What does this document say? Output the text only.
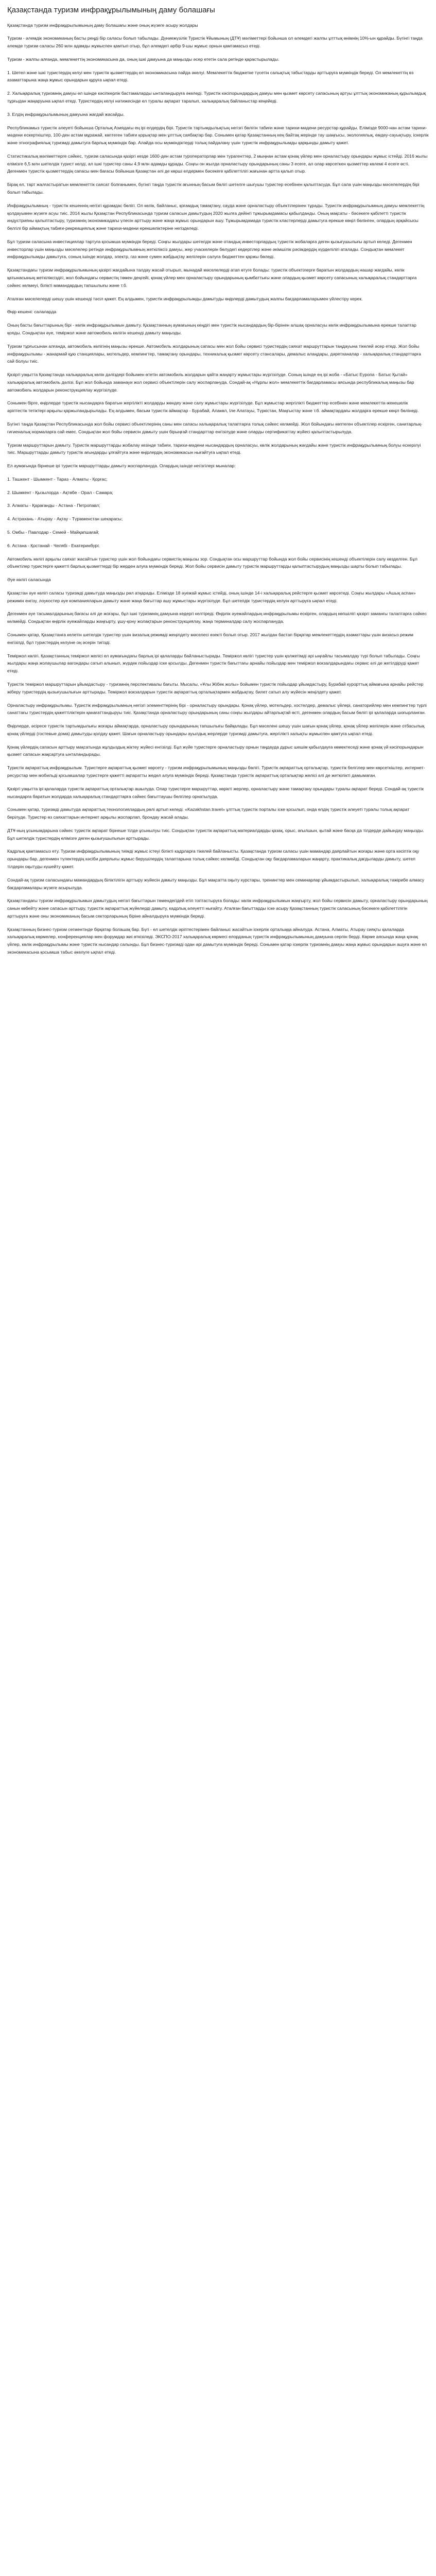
Қазақстанда туризм инфрақұрылымының даму болашағы
Қазақстанда туризм инфрақұрылымының даму болашағы және оның жүзеге асыру жолдары
Туризм - әлемдік экономиканың басты реңді бір саласы болып табылады. Дүниежүзілік Туристік Ұйымының (ДТҰ) мәліметтері бойынша ол әлемдегі жалпы ұлттық өнімнің 10%-ын құрайды. Бүгінгі таңда әлемде туризм саласы 260 млн адамды жұмыспен қамтып отыр, бұл әлемдегі әрбір 9-шы жұмыс орнын қамтамасыз етеді.
Туризм - жалпы алғанда, мемлекеттің экономикасына да, оның ішкі дамуына да маңызды әсер ететін сала ретінде қарастырылады.
1. Шетел және ішкі туристердің келуі мен туристік қызметтердің ел экономикасына пайда әкелуі. Мемлекеттік бюджетке түсетін салықтық табыстарды арттыруға мүмкіндік береді. Ол мемлекеттің өз азаматтарына жаңа жұмыс орындарын құруға ықпал етеді.
2. Халықаралық туризмнің дамуы ел ішінде кәсіпкерлік бастамаларды ынталандыруға әкеледі. Туристік кәсіпорындардың дамуы мен қызмет көрсету сапасының артуы ұлттық экономиканың құрылымдық тұрғыдан жаңаруына ықпал етеді. Туристердің келуі нәтижесінде ел туралы ақпарат таралып, халықаралық байланыстар кеңейеді.
3. Елдің инфрақұрылымының дамуына жағдай жасайды.
Республикамыз туристік әлеуеті бойынша Орталық Азиядағы ең ірі елдердің бірі. Туристік тартымдылықтың негізгі бөлігін табиғи және тарихи-мәдени ресурстар құрайды. Елімізде 9000-нан астам тарихи-мәдени ескерткіштер, 100-ден астам мұражай, көптеген табиғи қорықтар мен ұлттық саябақтар бар. Сонымен қатар Қазақстанның кең байтақ жерінде тау шаңғысы, экологиялық, емдеу-сауықтыру, іскерлік және этнографиялық туризмді дамытуға барлық мүмкіндік бар. Алайда осы мүмкіндіктерді толық пайдалану үшін туристік инфрақұрылымды қарқынды дамыту қажет.
Статистикалық мәліметтерге сәйкес, туризм саласында қазіргі кезде 1600-ден астам туроператорлар мен турагенттер, 2 мыңнан астам қонақ үйлер мен орналастыру орындары жұмыс істейді. 2016 жылы елімізге 6,5 млн шетелдік турист келді, ал ішкі туристер саны 4,9 млн адамды құрады. Соңғы он жылда орналастыру орындарының саны 3 есеге, ал олар көрсеткен қызметтер көлемі 4 есеге өсті. Дегенмен туристік қызметтердің сапасы мен бағасы бойынша Қазақстан әлі де көрші елдермен бәсекеге қабілеттілігі жағынан артта қалып отыр.
Бірақ ел, тарт жалғастыратын мемлекеттік саясат болғанымен, бүгінгі таңда туристік ағынның басым бөлігі шетелге шығушы туристер есебінен қалыптасуда. Бұл сала үшін маңызды мәселелердің бірі болып табылады.
Инфрақұрылымның - туристік кешеннің негізгі құрамдас бөлігі. Ол көлік, байланыс, қоғамдық тамақтану, сауда және орналастыру объектілерінен тұрады. Туристік инфрақұрылымның дамуы мемлекеттің қолдауымен жүзеге асуы тиіс. 2014 жылы Қазақстан Республикасында туризм саласын дамытудың 2020 жылға дейінгі тұжырымдамасы қабылданды. Оның мақсаты - бәсекеге қабілетті туристік индустрияны қалыптастыру, туризмнің экономикадағы үлесін арттыру және жаңа жұмыс орындарын ашу. Тұжырымдамада туристік кластерлерді дамытуға ерекше көңіл бөлінген, олардың әрқайсысы белгілі бір аймақтың табиғи-рекреациялық және тарихи-мәдени ерекшеліктеріне негізделеді.
Бұл туризм саласына инвестициялар тартуға қосымша мүмкіндік береді. Соңғы жылдары шетелдік және отандық инвесторлардың туристік жобаларға деген қызығушылығы артып келеді. Дегенмен инвесторлар үшін маңызды мәселелер ретінде инфрақұрылымның жеткіліксіз дамуы, жер учаскелерін бөлудегі кедергілер және әкімшілік рәсімдердің күрделілігі аталады. Сондықтан мемлекет инфрақұрылымды дамытуға, соның ішінде жолдар, электр, газ және сумен жабдықтау желілерін салуға бюджеттен қаржы бөледі.
Қазақстандағы туризм инфрақұрылымының қазіргі жағдайына талдау жасай отырып, мынадай мәселелерді атап өтуге болады: туристік объектілерге баратын жолдардың нашар жағдайы, көлік қатынасының жеткіліксіздігі, жол бойындағы сервистің төмен деңгейі, қонақ үйлер мен орналастыру орындарының қымбаттығы және олардың қызмет көрсету сапасының халықаралық стандарттарға сәйкес келмеуі, білікті мамандардың тапшылығы және т.б.
Аталған мәселелерді шешу үшін кешенді тәсіл қажет. Ең алдымен, туристік инфрақұрылымды дамытуды өңірлерді дамытудың жалпы бағдарламаларымен үйлестіру керек.
Өңір кешені: салаларда
Оның басты бағыттарының бірі - көлік инфрақұрылымын дамыту. Қазақстанның аумағының кеңдігі мен туристік нысандардың бір-бірінен алшақ орналасуы көлік инфрақұрылымына ерекше талаптар қояды. Сондықтан әуе, теміржол және автомобиль көлігін кешенді дамыту маңызды.
Туризм тұрғысынан алғанда, автомобиль көлігінің маңызы ерекше. Автомобиль жолдарының сапасы мен жол бойы сервисі туристердің саяхат маршруттарын таңдауына тікелей әсер етеді. Жол бойы инфрақұрылымы - жанармай құю станциялары, мотельдер, кемпингтер, тамақтану орындары, техникалық қызмет көрсету стансалары, демалыс алаңдары, дәретханалар - халықаралық стандарттарға сай болуы тиіс.
Қазіргі уақытта Қазақстанда халықаралық көлік дәліздері бойымен өтетін автомобиль жолдарын қайта жаңарту жұмыстары жүргізілуде. Соның ішінде ең ірі жоба - «Батыс Еуропа - Батыс Қытай» халықаралық автомобиль дәлізі. Бұл жол бойында заманауи жол сервисі объектілерін салу жоспарлануда. Сондай-ақ «Нұрлы жол» мемлекеттік бағдарламасы аясында республикалық маңызы бар автомобиль жолдарын реконструкциялау жүргізілуде.
Сонымен бірге, өңірлерде туристік нысандарға баратын жергілікті жолдарды жөндеу және салу жұмыстары жүргізілуде. Бұл жұмыстар жергілікті бюджеттер есебінен және мемлекеттік-жекешелік әріптестік тетіктері арқылы қаржыландырылады. Ең алдымен, басым туристік аймақтар - Бурабай, Алакөл, Іле Алатауы, Түркістан, Маңғыстау және т.б. аймақтардағы жолдарға ерекше көңіл бөлінеді.
Бүгінгі таңда Қазақстан Республикасында жол бойы сервисі объектілерінің саны мен сапасы халықаралық талаптарға толық сәйкес келмейді. Жол бойындағы көптеген объектілер ескірген, санитарлық-гигиеналық нормаларға сай емес. Сондықтан жол бойы сервисін дамыту үшін бірыңғай стандарттар енгізілуде және оларды сертификаттау жүйесі қалыптастырылуда.
Туризм маршруттарын дамыту. Туристік маршруттарды жобалау кезінде табиғи, тарихи-мәдени нысандардың орналасуы, көлік жолдарының жағдайы және туристік инфрақұрылымның болуы ескерілуі тиіс. Маршруттарды дамыту туристік ағындарды ұлғайтуға және өңірлердің экономикасын нығайтуға ықпал етеді.
Ел аумағында бірнеше ірі туристік маршруттарды дамыту жоспарлануда. Олардың ішінде негізгілері мыналар:
1. Ташкент - Шымкент - Тараз - Алматы - Қорғас;
2. Шымкент - Қызылорда - Ақтөбе - Орал - Самара;
3. Алматы - Қарағанды - Астана - Петропавл;
4. Астрахань - Атырау - Ақтау - Түрікменстан шекарасы;
5. Омбы - Павлодар - Семей - Майқапшағай;
6. Астана - Қостанай - Челябі - Екатеринбург.
Автомобиль көлігі арқылы саяхат жасайтын туристер үшін жол бойындағы сервистің маңызы зор. Сондықтан осы маршруттар бойында жол бойы сервисінің кешенді объектілерін салу көзделген. Бұл объектілер туристерге қажетті барлық қызметтерді бір жерден алуға мүмкіндік береді. Жол бойы сервисін дамыту туристік маршруттарды қалыптастырудың маңызды шарты болып табылады.
Әуе көлігі саласында
Қазақстан әуе көлігі саласы туризмді дамытуда маңызды рөл атқарады. Елімізде 18 әуежай жұмыс істейді, оның ішінде 14-і халықаралық рейстерге қызмет көрсетеді. Соңғы жылдары «Ашық аспан» режимін енгізу, лоукостер әуе компанияларын дамыту және жаңа бағыттар ашу жұмыстары жүргізілуде. Бұл шетелдік туристердің келуін арттыруға ықпал етеді.
Дегенмен әуе тасымалдарының бағасы әлі де жоғары, бұл ішкі туризмнің дамуына кедергі келтіреді. Өңірлік әуежайлардың инфрақұрылымы ескірген, олардың көпшілігі қазіргі заманғы талаптарға сәйкес келмейді. Сондықтан өңірлік әуежайларды жаңғырту, ұшу-қону жолақтарын реконструкциялау, жаңа терминалдар салу жоспарлануда.
Сонымен қатар, Қазақстанға келетін шетелдік туристер үшін визалық режимді жеңілдету мәселесі өзекті болып отыр. 2017 жылдан бастап бірқатар мемлекеттердің азаматтары үшін визасыз режим енгізілді, бұл туристердің келуіне оң әсерін тигізді.
Теміржол көлігі. Қазақстанның теміржол желісі ел аумағындағы барлық ірі қалаларды байланыстырады. Теміржол көлігі туристер үшін қолжетімді әрі ыңғайлы тасымалдау түрі болып табылады. Соңғы жылдары жаңа жолаушылар вагондары сатып алынып, жүрдек пойыздар іске қосылды. Дегенмен туристік бағыттағы арнайы пойыздар мен теміржол вокзалдарындағы сервис әлі де жетілдіруді қажет етеді.
Туристік теміржол маршруттарын ұйымдастыру - туризмнің перспективалы бағыты. Мысалы, «Ұлы Жібек жолы» бойымен туристік пойыздар ұйымдастыру, Бурабай курорттық аймағына арнайы рейстер жіберу туристердің қызығушылығын арттырады. Теміржол вокзалдарын туристік ақпараттық орталықтармен жабдықтау, билет сатып алу жүйесін жеңілдету қажет.
Орналастыру инфрақұрылымы. Туристік инфрақұрылымның негізгі элементтерінің бірі - орналастыру орындары. Қонақ үйлер, мотельдер, хостелдер, демалыс үйлері, санаторийлер мен кемпингтер түрлі санаттағы туристердің қажеттіліктерін қанағаттандыруы тиіс. Қазақстанда орналастыру орындарының саны соңғы жылдары айтарлықтай өсті, дегенмен олардың басым бөлігі ірі қалаларда шоғырланған.
Өңірлерде, әсіресе туристік тартымдылығы жоғары аймақтарда, орналастыру орындарының тапшылығы байқалады. Бұл мәселені шешу үшін шағын қонақ үйлер, қонақ үйлер желілерін және отбасылық қонақ үйлерді (гостевые дома) дамытуды қолдау қажет. Шағын орналастыру орындары ауылдық жерлерде туризмді дамытуға, жергілікті халықты жұмыспен қамтуға ықпал етеді.
Қонақ үйлердің сапасын арттыру мақсатында жұлдыздық жіктеу жүйесі енгізілді. Бұл жүйе туристерге орналастыру орнын таңдауда дұрыс шешім қабылдауға көмектеседі және қонақ үй кәсіпорындарын қызмет сапасын жақсартуға ынталандырады.
Туристік ақпараттық инфрақұрылым. Туристерге ақпараттық қызмет көрсету - туризм инфрақұрылымының маңызды бөлігі. Туристік ақпараттық орталықтар, туристік белгілер мен көрсеткіштер, интернет-ресурстар мен мобильді қосымшалар туристерге қажетті ақпаратты жедел алуға мүмкіндік береді. Қазақстанда туристік ақпараттық орталықтар желісі әлі де жеткілікті дамымаған.
Қазіргі уақытта ірі қалаларда туристік ақпараттық орталықтар ашылуда. Олар туристерге маршруттар, көрікті жерлер, орналастыру және тамақтану орындары туралы ақпарат береді. Сондай-ақ туристік нысандарға баратын жолдарда халықаралық стандарттарға сәйкес бағыттаушы белгілер орнатылуда.
Сонымен қатар, туризмді дамытуда ақпараттық технологиялардың рөлі артып келеді. «Kazakhstan.travel» ұлттық туристік порталы іске қосылып, онда елдің туристік әлеуеті туралы толық ақпарат берілуде. Туристер өз саяхаттарын интернет арқылы жоспарлап, брондау жасай алады.
ДТҰ-ның ұсынымдарына сәйкес туристік ақпарат бірнеше тілде ұсынылуы тиіс. Сондықтан туристік ақпараттық материалдарды қазақ, орыс, ағылшын, қытай және басқа да тілдерде дайындау маңызды. Бұл шетелдік туристердің елімізге деген қызығушылығын арттырады.
Кадрлық қамтамасыз ету. Туризм инфрақұрылымының тиімді жұмыс істеуі білікті кадрларға тікелей байланысты. Қазақстанда туризм саласы үшін мамандар даярлайтын жоғары және орта кәсіптік оқу орындары бар, дегенмен түлектердің кәсіби даярлығы жұмыс берушілердің талаптарына толық сәйкес келмейді. Сондықтан оқу бағдарламаларын жаңарту, практикалық дағдыларды дамыту, шетел тілдерін оқытуды күшейту қажет.
Сондай-ақ туризм саласындағы мамандардың біліктілігін арттыру жүйесін дамыту маңызды. Бұл мақсатта оқыту курстары, тренингтер мен семинарлар ұйымдастырылып, халықаралық тәжірибе алмасу бағдарламалары жүзеге асырылуда.
Қазақстандағы туризм инфрақұрылымын дамытудың негізгі бағыттарын төмендегідей етіп топтастыруға болады: көлік инфрақұрылымын жаңғырту, жол бойы сервисін дамыту, орналастыру орындарының санын көбейту және сапасын арттыру, туристік ақпараттық жүйелерді дамыту, кадрлық әлеуетті нығайту. Аталған бағыттарды іске асыру Қазақстанның туристік саласының бәсекеге қабілеттілігін арттыруға және оны экономиканың басым секторларының біріне айналдыруға мүмкіндік береді.
Қазақстанның бизнес-туризм сегментінде бірқатар болашақ бар. Бүгі - ел шетелдік әріптестерімен байланыс жасайтын іскерлік орталыққа айналуда. Астана, Алматы, Атырау сияқты қалаларда халықаралық көрмелер, конференциялар мен форумдар жиі өткізіледі. ЭКСПО-2017 халықаралық көрмесі елорданың туристік инфрақұрылымының дамуына серпін берді. Көрме аясында жаңа қонақ үйлер, көлік инфрақұрылымы және туристік нысандар салынды. Бұл бизнес-туризмді одан әрі дамытуға мүмкіндік береді. Сонымен қатар іскерлік туризмнің дамуы жаңа жұмыс орындарын ашуға және ел экономикасына қосымша табыс әкелуге ықпал етеді.
